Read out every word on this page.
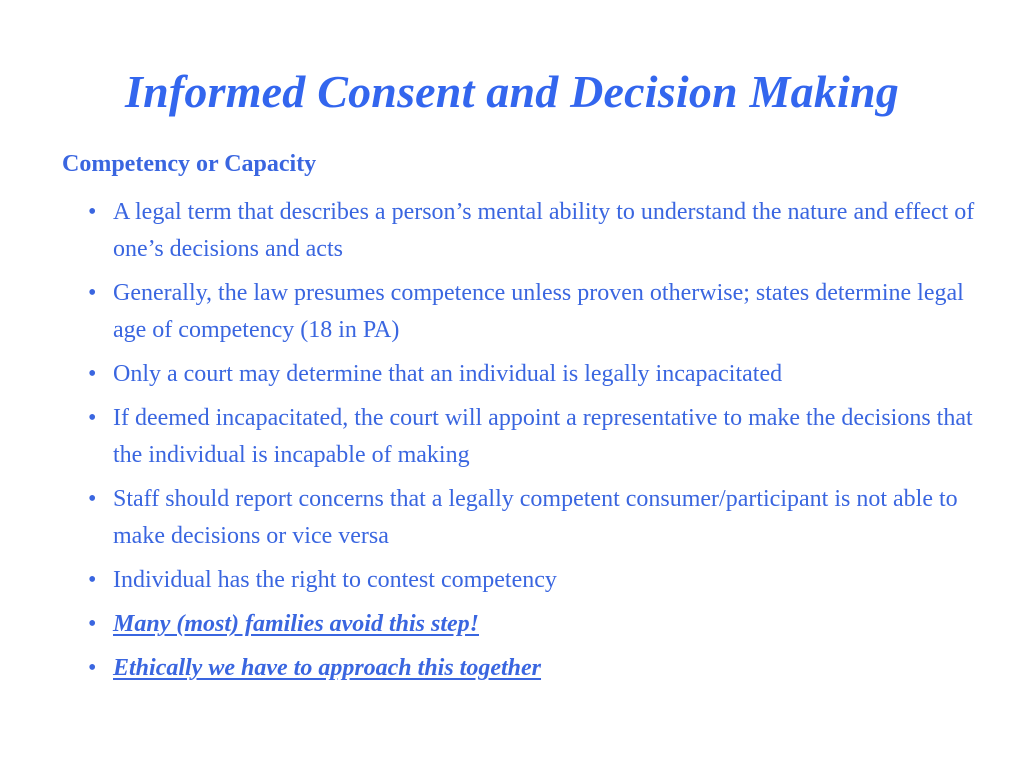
Informed Consent and Decision Making
Competency or Capacity
• A legal term that describes a person’s mental ability to understand the nature and effect of one’s decisions and acts
• Generally, the law presumes competence unless proven otherwise; states determine legal age of competency (18 in PA)
• Only a court may determine that an individual is legally incapacitated
• If deemed incapacitated, the court will appoint a representative to make the decisions that the individual is incapable of making
• Staff should report concerns that a legally competent consumer/participant is not able to make decisions or vice versa
• Individual has the right to contest competency
• Many (most) families avoid this step!
• Ethically we have to approach this together
